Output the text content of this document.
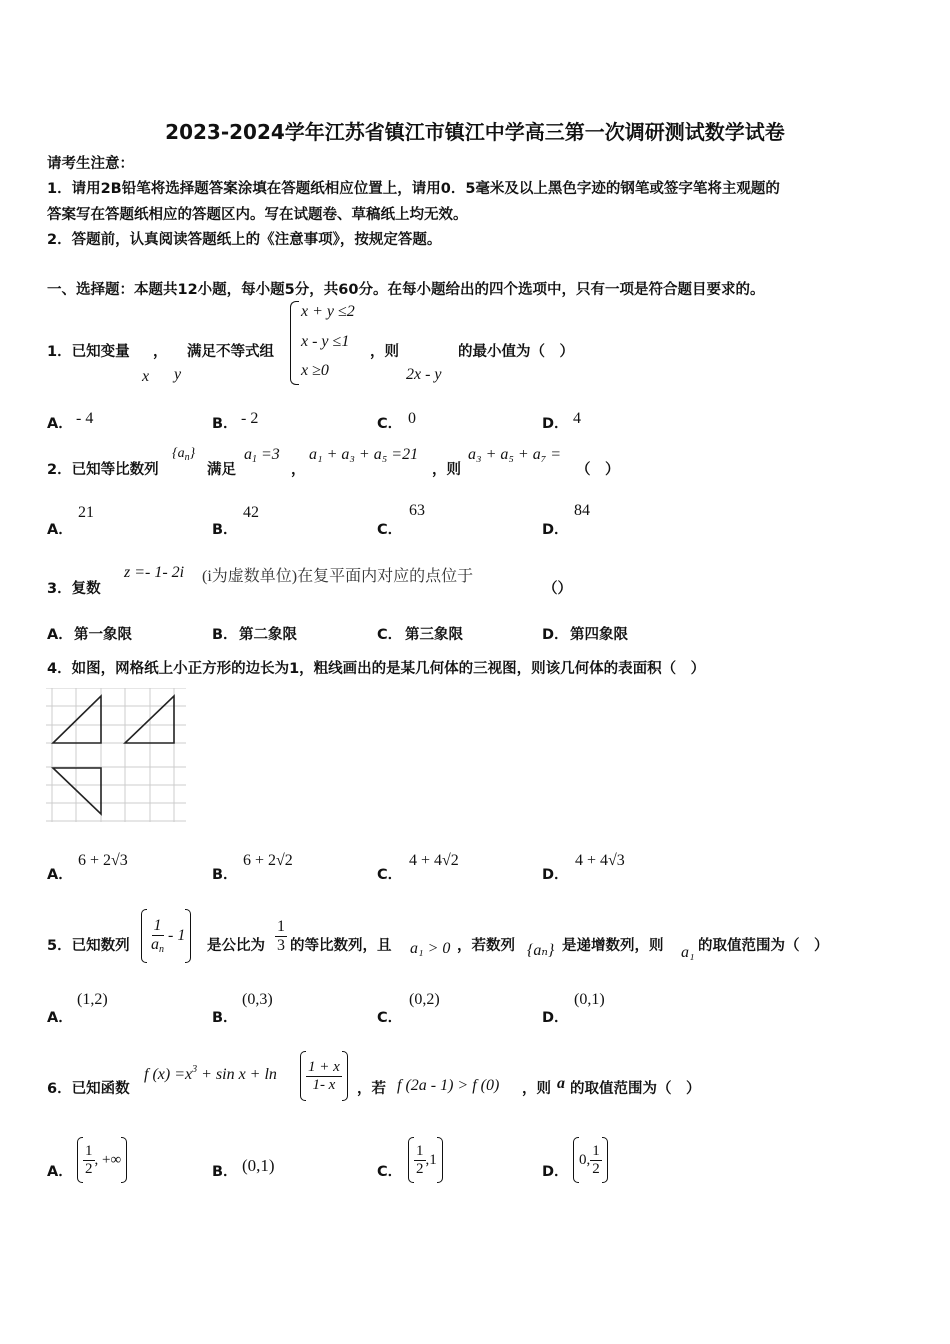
2023-2024学年江苏省镇江市镇江中学高三第一次调研测试数学试卷
请考生注意：
1．请用2B铅笔将选择题答案涂填在答题纸相应位置上，请用0．5毫米及以上黑色字迹的钢笔或签字笔将主观题的
答案写在答题纸相应的答题区内。写在试题卷、草稿纸上均无效。
2．答题前，认真阅读答题纸上的《注意事项》，按规定答题。
一、选择题：本题共12小题，每小题5分，共60分。在每小题给出的四个选项中，只有一项是符合题目要求的。
1．已知变量 ，
x y
满足不等式组
x + y ≤2
x - y ≤1
x ≥0
，则
2x - y
的最小值为（　）
A． - 4	B． - 2	C． 0	D． 4
2．已知等比数列
$\{a_n\}$
满足
$a_1 =3$
，
a₁ + a₃ + a₅ =21
，则
a₃ + a₅ + a₇ =
（　）
A．
21
B．
42
C．
63
D．
84
3．复数
z =- 1- 2i (i为虚数单位)在复平面内对应的点位于
（）
A． 第一象限	B． 第二象限	C． 第三象限	D． 第四象限
4．如图，网格纸上小正方形的边长为1，粗线画出的是某几何体的三视图，则该几何体的表面积（　）
A．
6 + 2√3
B．
6 + 2√2
C．
4 + 4√2
D．
4 + 4√3
5．已知数列 $\frac{1}{a_n} - 1$
是公比为 $\frac{1}{3}$ 的等比数列，且 a₁ > 0 ，若数列 {aₙ} 是递增数列，则 a₁ 的取值范围为（　）
A．
(1,2)
B．
(0,3)
C．
(0,2)
D．
(0,1)
6．已知函数
f $(x) =x^3 + \sin x + \ln \frac{1 + x}{1- x}$ ，若 f (2a - 1) > f (0) ，则 a 的取值范围为（　）
A． $\frac{1}{2}$ , +∞
B． (0,1)	C． $\frac{1}{2} ,1$
D．
0, $\frac{1}{2}$
